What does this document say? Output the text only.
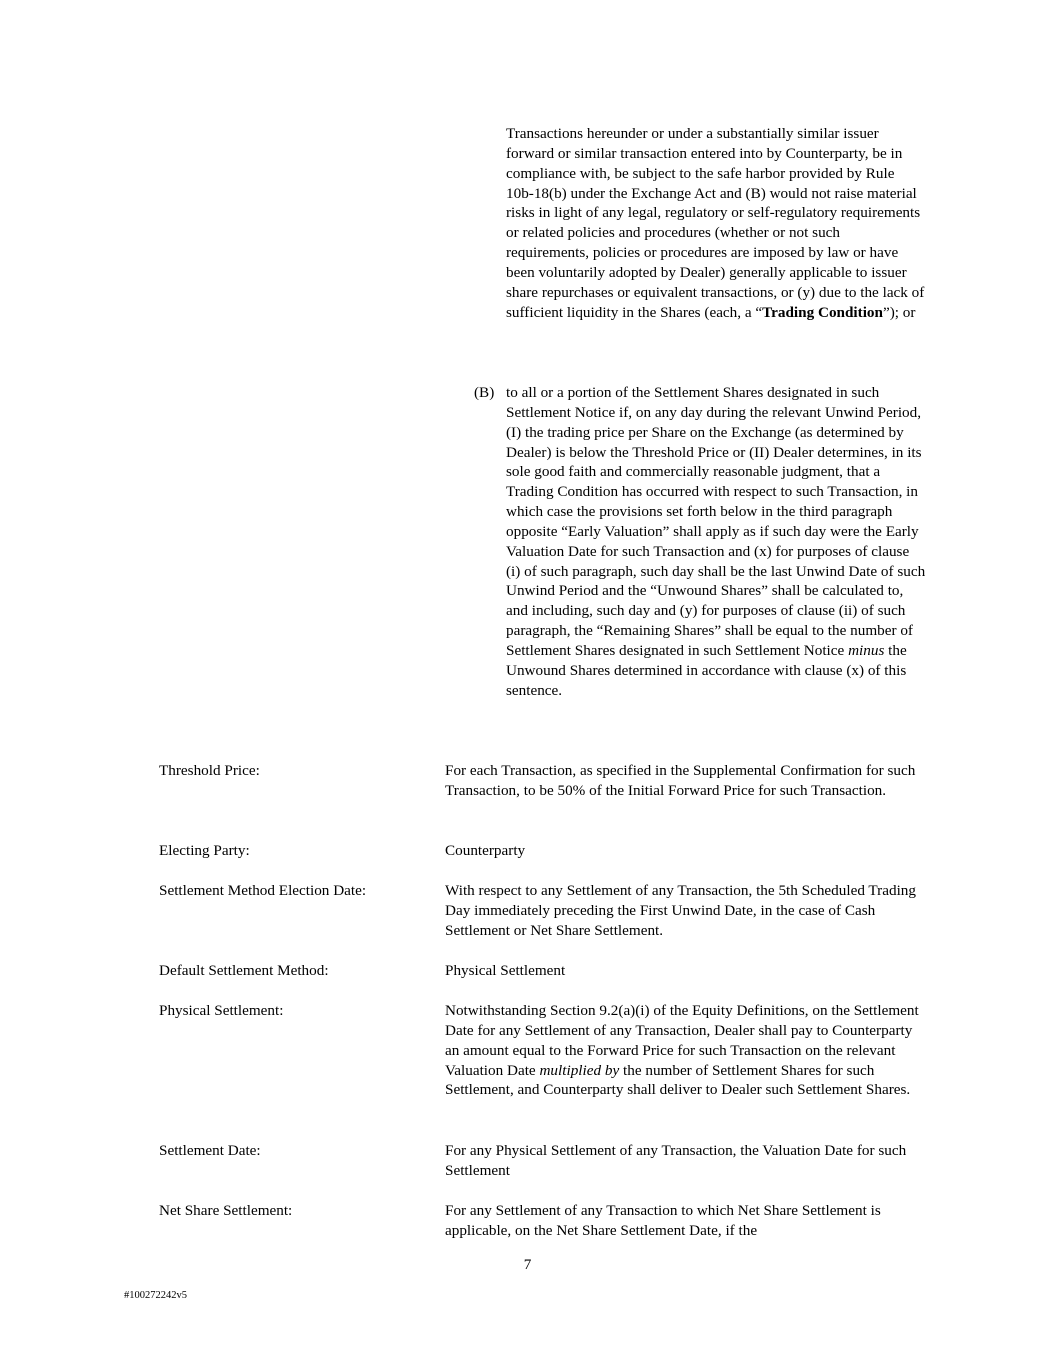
Transactions hereunder or under a substantially similar issuer forward or similar transaction entered into by Counterparty, be in compliance with, be subject to the safe harbor provided by Rule 10b-18(b) under the Exchange Act and (B) would not raise material risks in light of any legal, regulatory or self-regulatory requirements or related policies and procedures (whether or not such requirements, policies or procedures are imposed by law or have been voluntarily adopted by Dealer) generally applicable to issuer share repurchases or equivalent transactions, or (y) due to the lack of sufficient liquidity in the Shares (each, a “Trading Condition”); or

(B) to all or a portion of the Settlement Shares designated in such Settlement Notice if, on any day during the relevant Unwind Period, (I) the trading price per Share on the Exchange (as determined by Dealer) is below the Threshold Price or (II) Dealer determines, in its sole good faith and commercially reasonable judgment, that a Trading Condition has occurred with respect to such Transaction, in which case the provisions set forth below in the third paragraph opposite “Early Valuation” shall apply as if such day were the Early Valuation Date for such Transaction and (x) for purposes of clause (i) of such paragraph, such day shall be the last Unwind Date of such Unwind Period and the “Unwound Shares” shall be calculated to, and including, such day and (y) for purposes of clause (ii) of such paragraph, the “Remaining Shares” shall be equal to the number of Settlement Shares designated in such Settlement Notice minus the Unwound Shares determined in accordance with clause (x) of this sentence.

Threshold Price:	For each Transaction, as specified in the Supplemental Confirmation for such Transaction, to be 50% of the Initial Forward Price for such Transaction.

Electing Party:	Counterparty

Settlement Method Election Date:	With respect to any Settlement of any Transaction, the 5th Scheduled Trading Day immediately preceding the First Unwind Date, in the case of Cash Settlement or Net Share Settlement.

Default Settlement Method:	Physical Settlement

Physical Settlement:	Notwithstanding Section 9.2(a)(i) of the Equity Definitions, on the Settlement Date for any Settlement of any Transaction, Dealer shall pay to Counterparty an amount equal to the Forward Price for such Transaction on the relevant Valuation Date multiplied by the number of Settlement Shares for such Settlement, and Counterparty shall deliver to Dealer such Settlement Shares.

Settlement Date:	For any Physical Settlement of any Transaction, the Valuation Date for such Settlement

Net Share Settlement:	For any Settlement of any Transaction to which Net Share Settlement is applicable, on the Net Share Settlement Date, if the

7
#100272242v5
